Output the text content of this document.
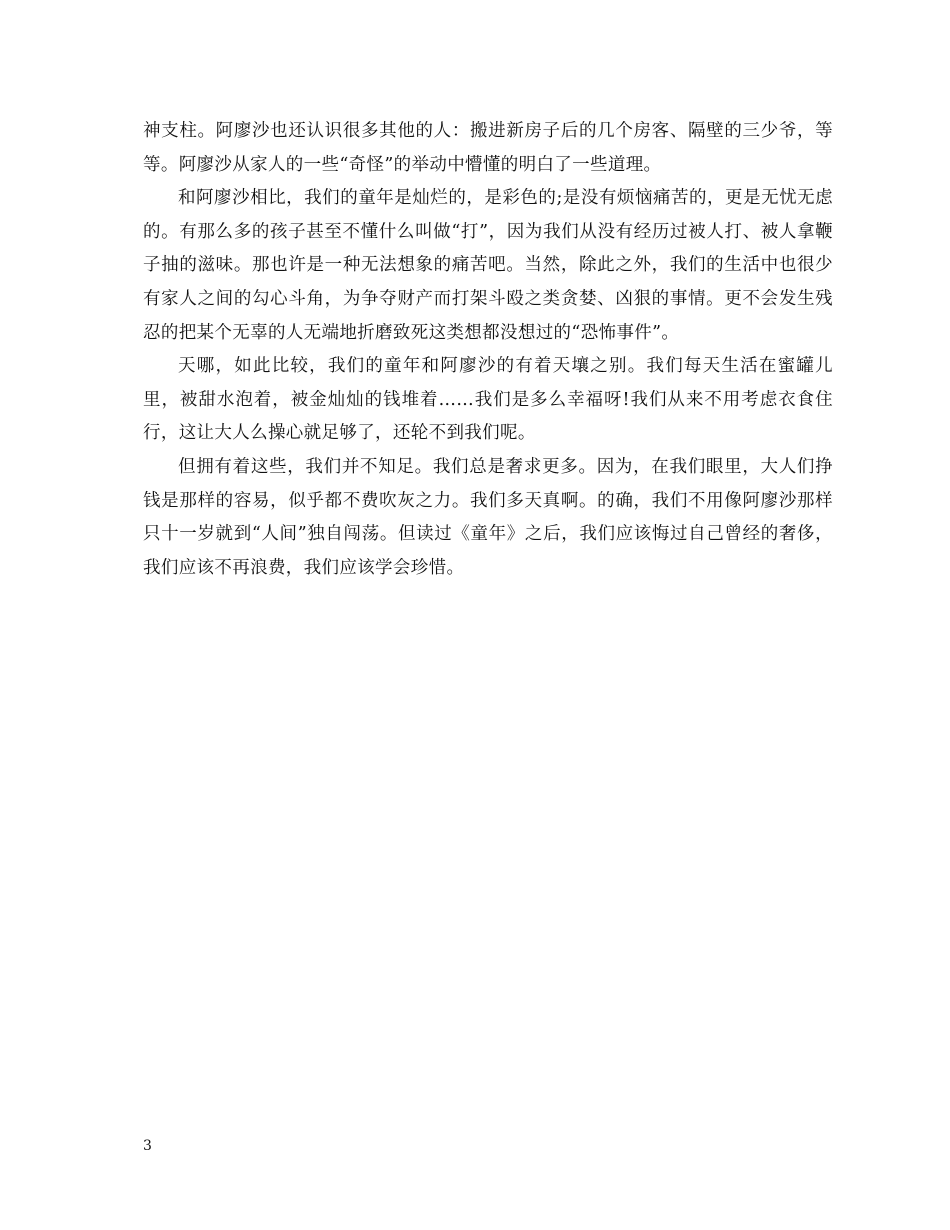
神支柱。阿廖沙也还认识很多其他的人：搬进新房子后的几个房客、隔壁的三少爷，等等。阿廖沙从家人的一些“奇怪”的举动中懵懂的明白了一些道理。

和阿廖沙相比，我们的童年是灿烂的，是彩色的;是没有烦恼痛苦的，更是无忧无虑的。有那么多的孩子甚至不懂什么叫做“打”，因为我们从没有经历过被人打、被人拿鞭子抽的滋味。那也许是一种无法想象的痛苦吧。当然，除此之外，我们的生活中也很少有家人之间的勾心斗角，为争夺财产而打架斗殴之类贪婪、凶狠的事情。更不会发生残忍的把某个无辜的人无端地折磨致死这类想都没想过的“恐怖事件”。

天哪，如此比较，我们的童年和阿廖沙的有着天壤之别。我们每天生活在蜜罐儿里，被甜水泡着，被金灿灿的钱堆着……我们是多么幸福呀!我们从来不用考虑衣食住行，这让大人么操心就足够了，还轮不到我们呢。

但拥有着这些，我们并不知足。我们总是奢求更多。因为，在我们眼里，大人们挣钱是那样的容易，似乎都不费吹灰之力。我们多天真啊。的确，我们不用像阿廖沙那样只十一岁就到“人间”独自闯荡。但读过《童年》之后，我们应该悔过自己曾经的奢侈，我们应该不再浪费，我们应该学会珍惜。

3
